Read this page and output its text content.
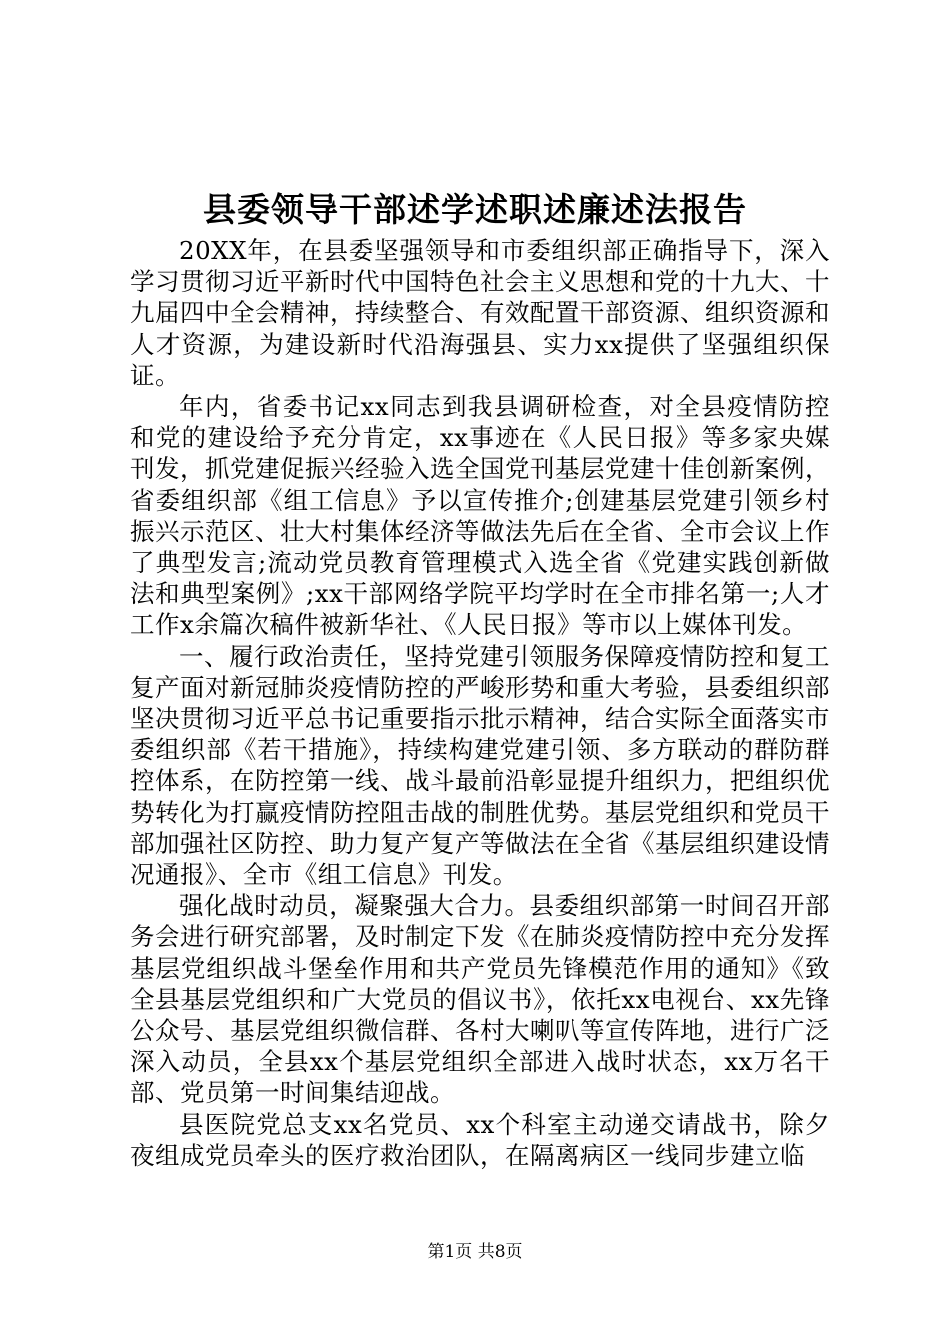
县委领导干部述学述职述廉述法报告

20XX年，在县委坚强领导和市委组织部正确指导下，深入学习贯彻习近平新时代中国特色社会主义思想和党的十九大、十九届四中全会精神，持续整合、有效配置干部资源、组织资源和人才资源，为建设新时代沿海强县、实力xx提供了坚强组织保证。

年内，省委书记xx同志到我县调研检查，对全县疫情防控和党的建设给予充分肯定，xx事迹在《人民日报》等多家央媒刊发，抓党建促振兴经验入选全国党刊基层党建十佳创新案例，省委组织部《组工信息》予以宣传推介;创建基层党建引领乡村振兴示范区、壮大村集体经济等做法先后在全省、全市会议上作了典型发言;流动党员教育管理模式入选全省《党建实践创新做法和典型案例》;xx干部网络学院平均学时在全市排名第一;人才工作x余篇次稿件被新华社、《人民日报》等市以上媒体刊发。

一、履行政治责任，坚持党建引领服务保障疫情防控和复工复产面对新冠肺炎疫情防控的严峻形势和重大考验，县委组织部坚决贯彻习近平总书记重要指示批示精神，结合实际全面落实市委组织部《若干措施》，持续构建党建引领、多方联动的群防群控体系，在防控第一线、战斗最前沿彰显提升组织力，把组织优势转化为打赢疫情防控阻击战的制胜优势。基层党组织和党员干部加强社区防控、助力复产复产等做法在全省《基层组织建设情况通报》、全市《组工信息》刊发。

强化战时动员，凝聚强大合力。县委组织部第一时间召开部务会进行研究部署，及时制定下发《在肺炎疫情防控中充分发挥基层党组织战斗堡垒作用和共产党员先锋模范作用的通知》《致全县基层党组织和广大党员的倡议书》，依托xx电视台、xx先锋公众号、基层党组织微信群、各村大喇叭等宣传阵地，进行广泛深入动员，全县xx个基层党组织全部进入战时状态，xx万名干部、党员第一时间集结迎战。

县医院党总支xx名党员、xx个科室主动递交请战书，除夕夜组成党员牵头的医疗救治团队，在隔离病区一线同步建立临

第1页 共8页
